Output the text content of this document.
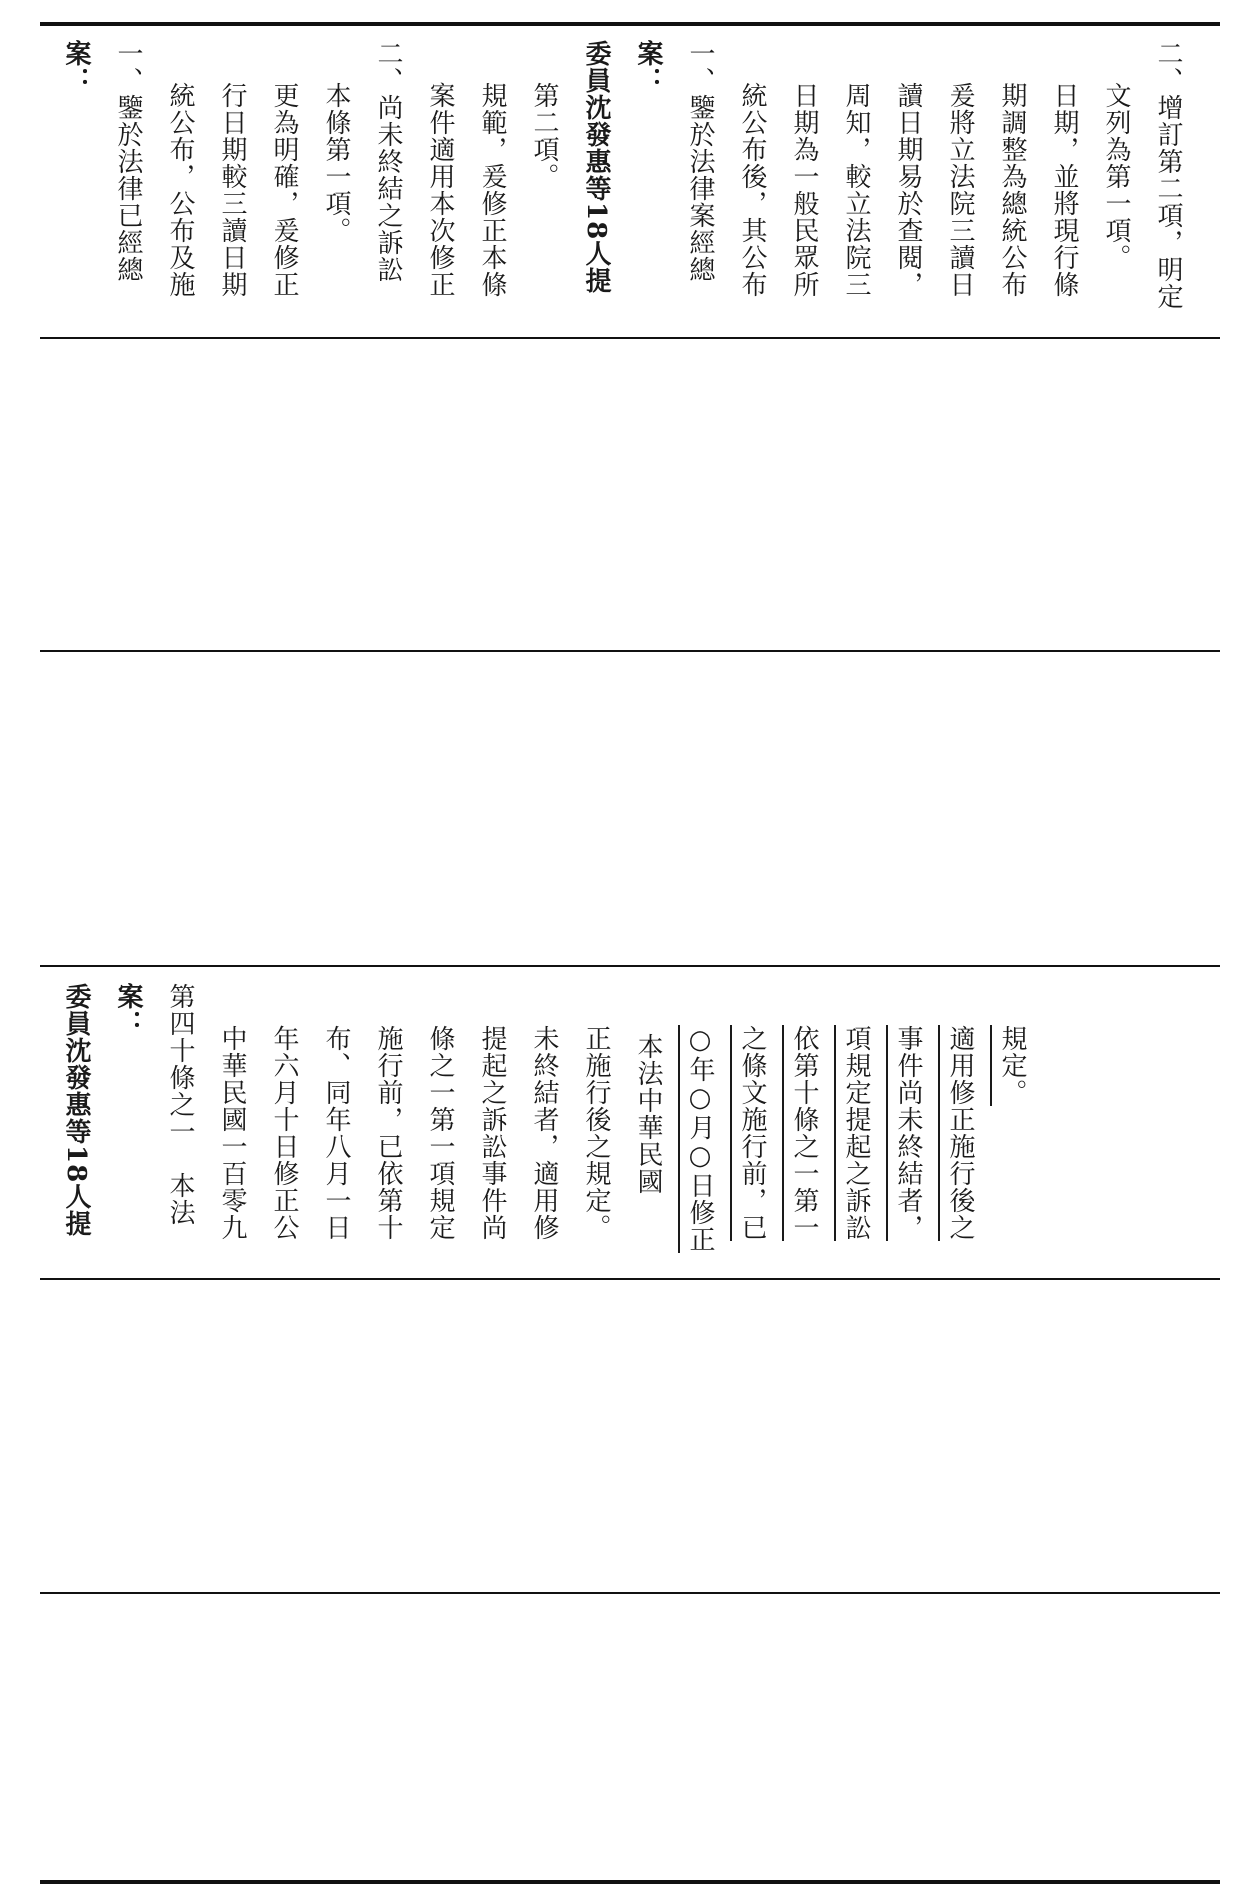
案： 一、鑒於法律已經總 統公布，公布及施 行日期較三讀日期 更為明確，爰修正 本條第一項。 二、尚未終結之訴訟 案件適用本次修正 規範，爰修正本條 第二項。 委員沈發惠等18人提 案： 一、鑒於法律案經總 統公布後，其公布 日期為一般民眾所 周知，較立法院三 讀日期易於查閱， 爰將立法院三讀日 期調整為總統公布 日期，並將現行條 文列為第一項。 二、增訂第二項，明定
委員沈發惠等18人提 案： 第四十條之一　本法 中華民國一百零九 年六月十日修正公 布、同年八月一日 施行前，已依第十 條之一第一項規定 提起之訴訟事件尚 未終結者，適用修 正施行後之規定。 本法中華民國 ○年○月○日修正 之條文施行前，已 依第十條之一第一 項規定提起之訴訟 事件尚未終結者， 適用修正施行後之 規定。
